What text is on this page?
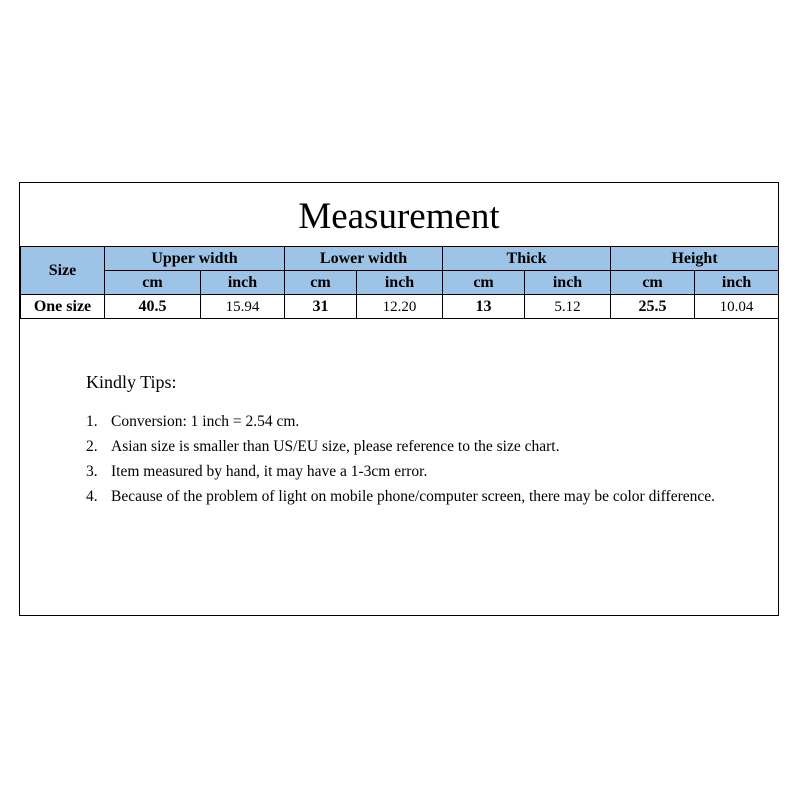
Measurement
Size	Upper width		Lower width		Thick		Height	
	cm	inch	cm	inch	cm	inch	cm	inch
One size	40.5	15.94	31	12.20	13	5.12	25.5	10.04
Kindly Tips:
1. Conversion: 1 inch = 2.54 cm.
2. Asian size is smaller than US/EU size, please reference to the size chart.
3. Item measured by hand, it may have a 1-3cm error.
4. Because of the problem of light on mobile phone/computer screen, there may be color difference.
